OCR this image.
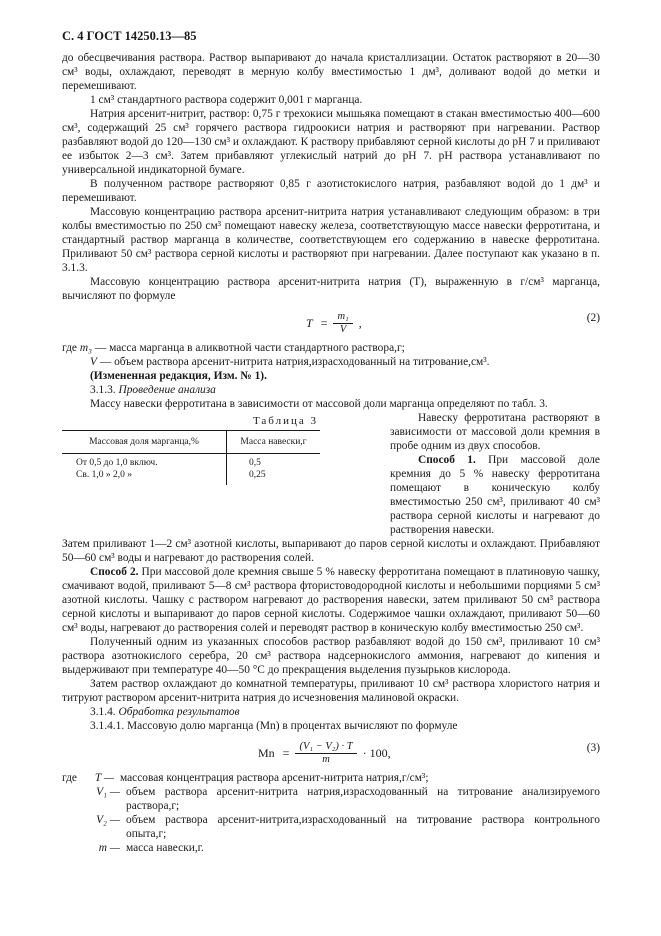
С. 4 ГОСТ 14250.13—85

до обесцвечивания раствора. Раствор выпаривают до начала кристаллизации. Остаток растворяют в 20—30 см³ воды, охлаждают, переводят в мерную колбу вместимостью 1 дм³, доливают водой до метки и перемешивают.

1 см³ стандартного раствора содержит 0,001 г марганца.

Натрия арсенит-нитрит, раствор: 0,75 г трехокиси мышьяка помещают в стакан вместимостью 400—600 см³, содержащий 25 см³ горячего раствора гидроокиси натрия и растворяют при нагревании. Раствор разбавляют водой до 120—130 см³ и охлаждают. К раствору прибавляют серной кислоты до pH 7 и приливают ее избыток 2—3 см³. Затем прибавляют углекислый натрий до pH 7. pH раствора устанавливают по универсальной индикаторной бумаге.

В полученном растворе растворяют 0,85 г азотистокислого натрия, разбавляют водой до 1 дм³ и перемешивают.

Массовую концентрацию раствора арсенит-нитрита натрия устанавливают следующим образом: в три колбы вместимостью по 250 см³ помещают навеску железа, соответствующую массе навески ферротитана, и стандартный раствор марганца в количестве, соответствующем его содержанию в навеске ферротитана. Приливают 50 см³ раствора серной кислоты и растворяют при нагревании. Далее поступают как указано в п. 3.1.3.

Массовую концентрацию раствора арсенит-нитрита натрия (T), выраженную в г/см³ марганца, вычисляют по формуле

$T = \frac{\text{m₁}}{V}$ ,	(2)

где m₃ — масса марганца в аликвотной части стандартного раствора,г;

V — объем раствора арсенит-нитрита натрия,израсходованный на титрование,см³.

(Измененная редакция, Изм. № 1).

3.1.3. Проведение анализа

Массу навески ферротитана в зависимости от массовой доли марганца определяют по табл. 3.

Таблица 3
Массовая доля марганца,%	Масса навески,г
От 0,5 до 1,0 включ.	0,5
Св. 1,0 » 2,0 »	0,25

Навеску ферротитана растворяют в зависимости от массовой доли кремния в пробе одним из двух способов.

Способ 1. При массовой доле кремния до 5 % навеску ферротитана помещают в коническую колбу вместимостью 250 см³, приливают 40 см³ раствора серной кислоты и нагревают до растворения навески.

Затем приливают 1—2 см³ азотной кислоты, выпаривают до паров серной кислоты и охлаждают. Прибавляют 50—60 см³ воды и нагревают до растворения солей.

Способ 2. При массовой доле кремния свыше 5 % навеску ферротитана помещают в платиновую чашку, смачивают водой, приливают 5—8 см³ раствора фтористоводородной кислоты и небольшими порциями 5 см³ азотной кислоты. Чашку с раствором нагревают до растворения навески, затем приливают 50 см³ раствора серной кислоты и выпаривают до паров серной кислоты. Содержимое чашки охлаждают, приливают 50—60 см³ воды, нагревают до растворения солей и переводят раствор в коническую колбу вместимостью 250 см³.

Полученный одним из указанных способов раствор разбавляют водой до 150 см³, приливают 10 см³ раствора азотнокислого серебра, 20 см³ раствора надсернокислого аммония, нагревают до кипения и выдерживают при температуре 40—50 °С до прекращения выделения пузырьков кислорода.

Затем раствор охлаждают до комнатной температуры, приливают 10 см³ раствора хлористого натрия и титруют раствором арсенит-нитрита натрия до исчезновения малиновой окраски.

3.1.4. Обработка результатов

3.1.4.1. Массовую долю марганца (Mn) в процентах вычисляют по формуле

$Mn = \frac{\text{(V₁ − V₂) · T}}{m} \cdot 100$,	(3)
где	T — массовая концентрация раствора арсенит-нитрита натрия,г/см³;
V₁ — объем раствора арсенит-нитрита натрия,израсходованный на титрование анализируемого раствора,г;
V₂ — объем раствора арсенит-нитрита,израсходованный на титрование раствора контрольного опыта,г;
m — масса навески,г.
